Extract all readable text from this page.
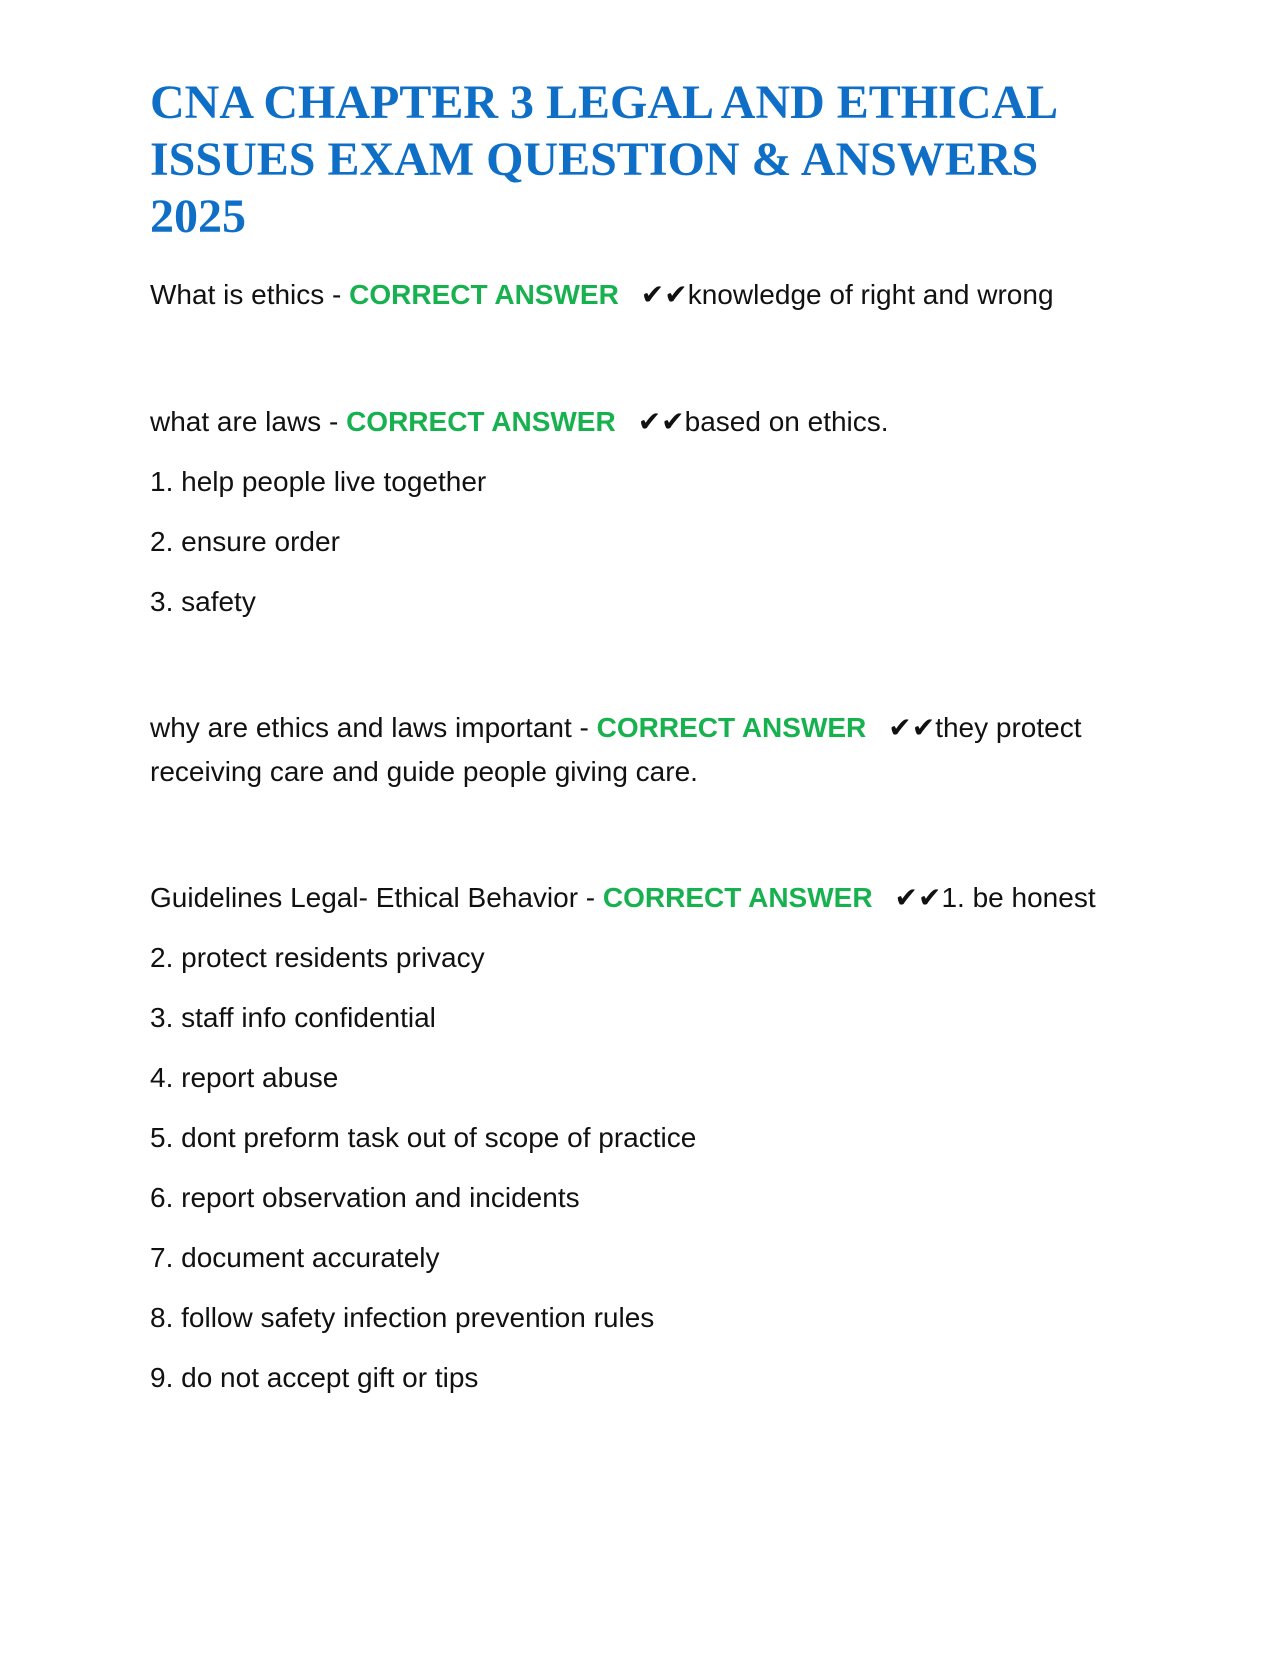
CNA CHAPTER 3 LEGAL AND ETHICAL ISSUES EXAM QUESTION & ANSWERS 2025

What is ethics - CORRECT ANSWER ✔✔knowledge of right and wrong

what are laws - CORRECT ANSWER ✔✔based on ethics.

1. help people live together

2. ensure order

3. safety

why are ethics and laws important - CORRECT ANSWER ✔✔they protect receiving care and guide people giving care.

Guidelines Legal- Ethical Behavior - CORRECT ANSWER ✔✔1. be honest

2. protect residents privacy

3. staff info confidential

4. report abuse

5. dont preform task out of scope of practice

6. report observation and incidents

7. document accurately

8. follow safety infection prevention rules

9. do not accept gift or tips
